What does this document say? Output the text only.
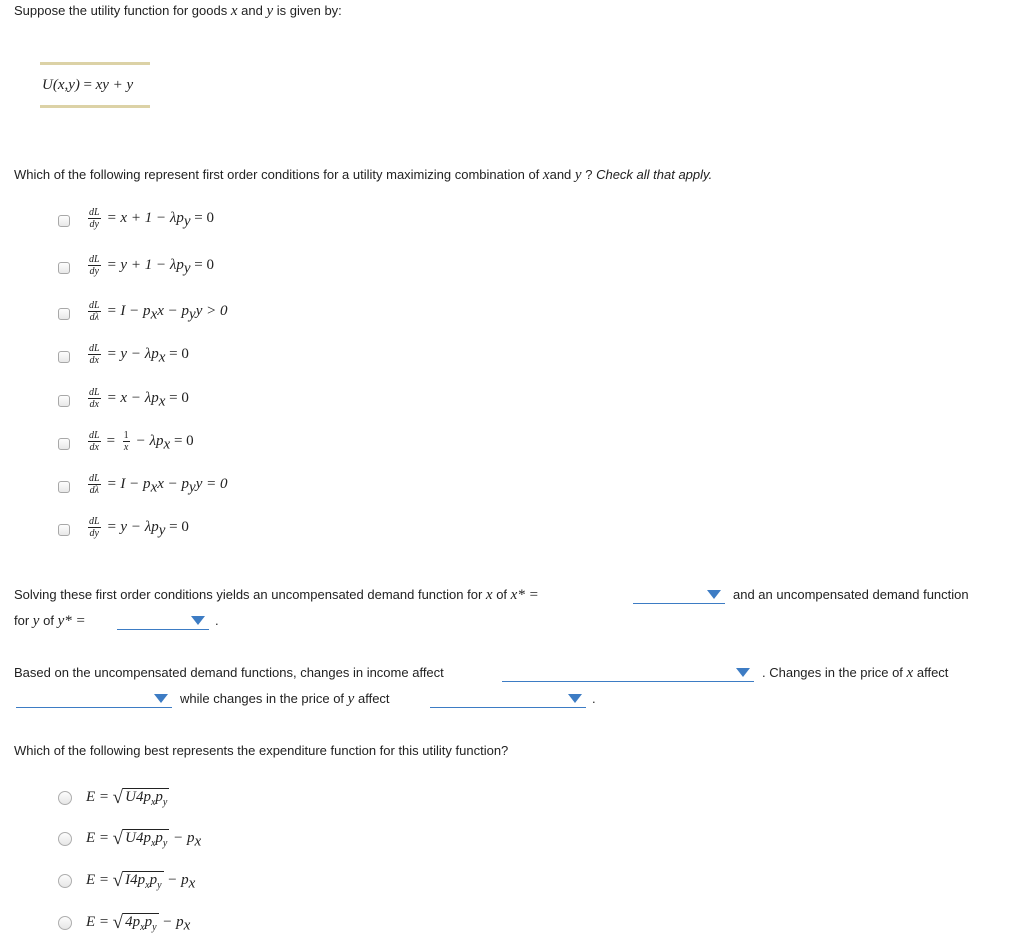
Suppose the utility function for goods x and y is given by:
U(x,y) = xy + y
Which of the following represent first order conditions for a utility maximizing combination of xand y ? Check all that apply.
$\frac{dL}{dy} = x + 1 - \lambda p_y = 0$
$\frac{dL}{dy} = y + 1 - \lambda p_y = 0$
$\frac{dL}{d\lambda} = I - p_xx - p_yy > 0$
$\frac{dL}{dx} = y - \lambda p_x = 0$
$\frac{dL}{dx} = x - \lambda p_x = 0$
$\frac{dL}{dx} = \frac{1}{x} - \lambda p_x = 0$
$\frac{dL}{d\lambda} = I - p_xx - p_yy = 0$
$\frac{dL}{dy} = y - \lambda p_y = 0$
Solving these first order conditions yields an uncompensated demand function for x of x* =	and an uncompensated demand function
for y of y* =	.
Based on the uncompensated demand functions, changes in income affect	. Changes in the price of x affect
while changes in the price of y affect	.
Which of the following best represents the expenditure function for this utility function?
E = √ $U4p_xp_y$
E = √ $U4p_xp_y - p_x$
E = √ $I4p_xp_y - p_x$
E = √ $4p_xp_y - p_x$
